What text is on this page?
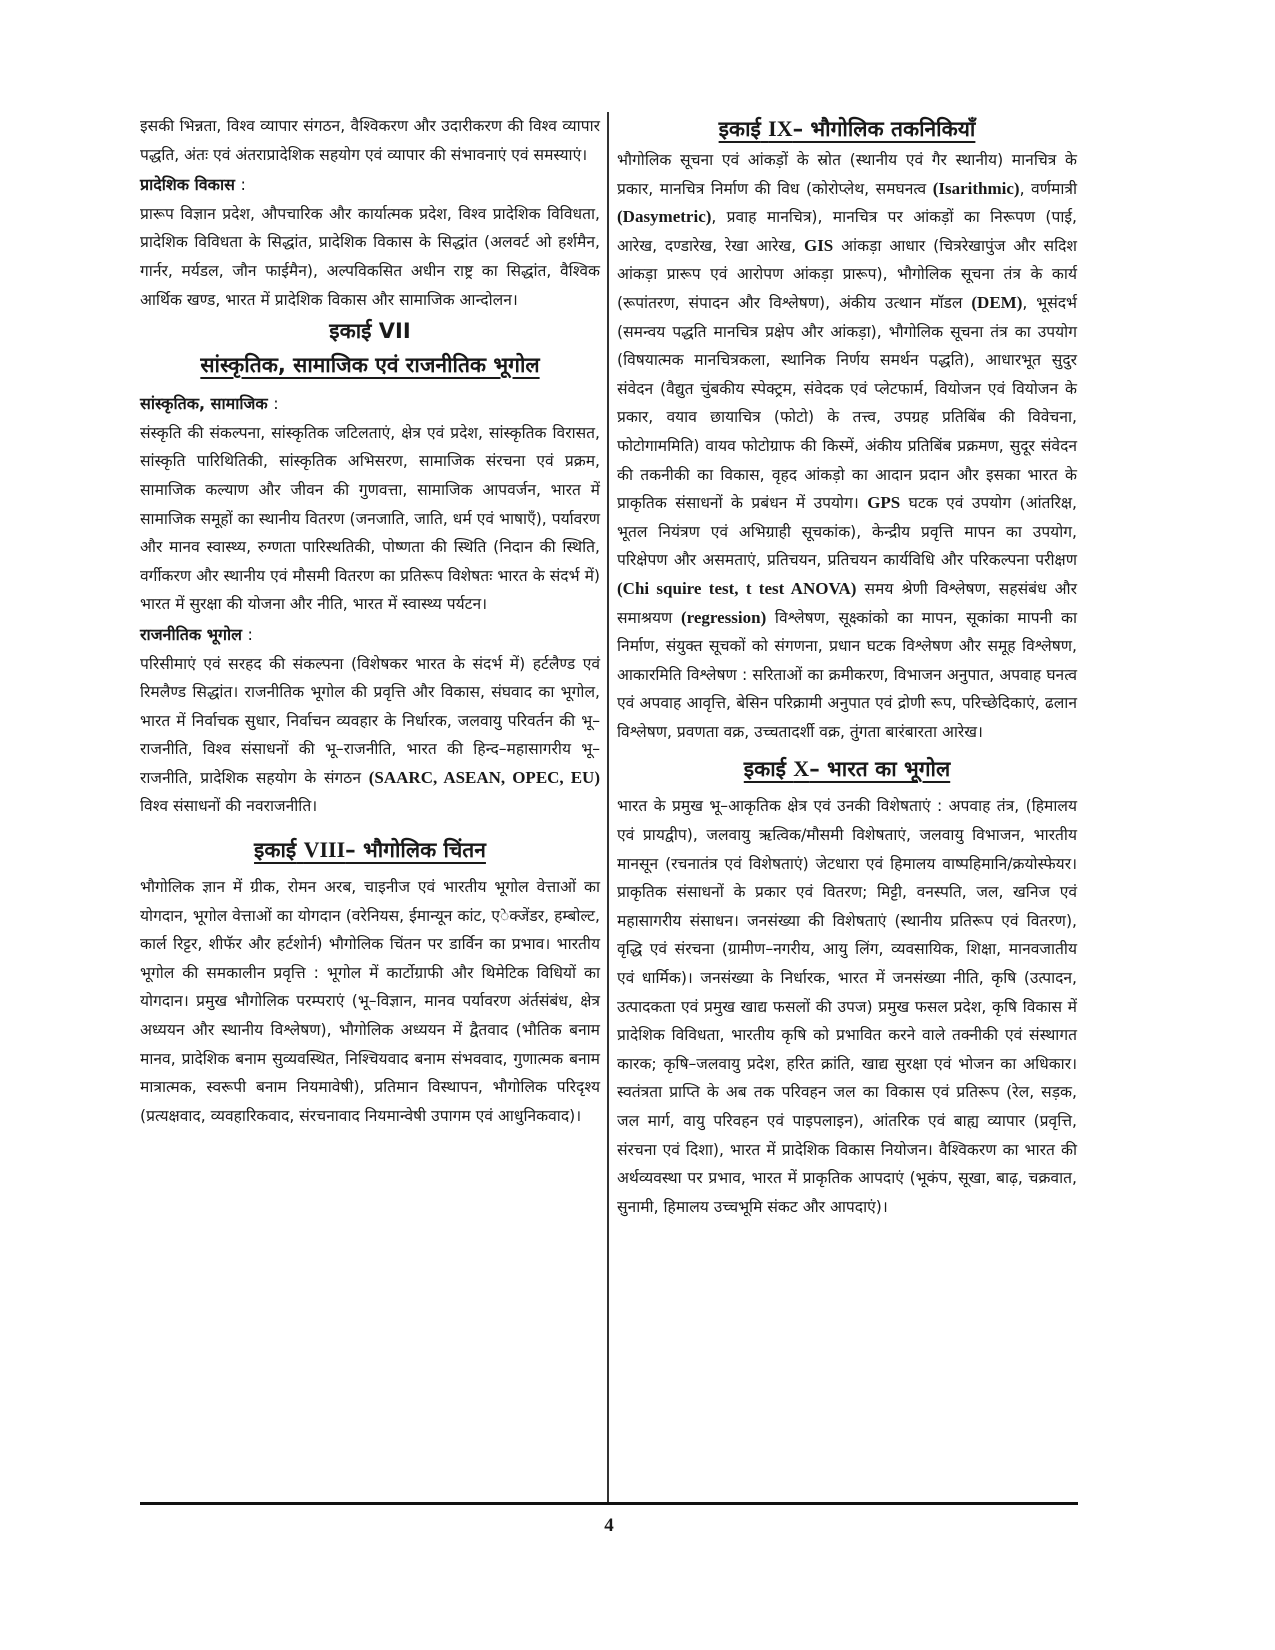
इसकी भिन्नता, विश्व व्यापार संगठन, वैश्विकरण और उदारीकरण की विश्व व्यापार पद्धति, अंतः एवं अंतराप्रादेशिक सहयोग एवं व्यापार की संभावनाएं एवं समस्याएं।

प्रादेशिक विकास :

प्रारूप विज्ञान प्रदेश, औपचारिक और कार्यात्मक प्रदेश, विश्व प्रादेशिक विविधता, प्रादेशिक विविधता के सिद्धांत, प्रादेशिक विकास के सिद्धांत (अलवर्ट ओ हर्शमैन, गार्नर, मर्यडल, जौन फाईमैन), अल्पविकसित अधीन राष्ट्र का सिद्धांत, वैश्विक आर्थिक खण्ड, भारत में प्रादेशिक विकास और सामाजिक आन्दोलन।

इकाई VII
सांस्कृतिक, सामाजिक एवं राजनीतिक भूगोल

सांस्कृतिक, सामाजिक :

संस्कृति की संकल्पना, सांस्कृतिक जटिलताएं, क्षेत्र एवं प्रदेश, सांस्कृतिक विरासत, सांस्कृति पारिथितिकी, सांस्कृतिक अभिसरण, सामाजिक संरचना एवं प्रक्रम, सामाजिक कल्याण और जीवन की गुणवत्ता, सामाजिक आपवर्जन, भारत में सामाजिक समूहों का स्थानीय वितरण (जनजाति, जाति, धर्म एवं भाषाएँ), पर्यावरण और मानव स्वास्थ्य, रुग्णता पारिस्थतिकी, पोष्णता की स्थिति (निदान की स्थिति, वर्गीकरण और स्थानीय एवं मौसमी वितरण का प्रतिरूप विशेषतः भारत के संदर्भ में) भारत में सुरक्षा की योजना और नीति, भारत में स्वास्थ्य पर्यटन।

राजनीतिक भूगोल :

परिसीमाएं एवं सरहद की संकल्पना (विशेषकर भारत के संदर्भ में) हर्टलैण्ड एवं रिमलैण्ड सिद्धांत। राजनीतिक भूगोल की प्रवृत्ति और विकास, संघवाद का भूगोल, भारत में निर्वाचक सुधार, निर्वाचन व्यवहार के निर्धारक, जलवायु परिवर्तन की भू–राजनीति, विश्व संसाधनों की भू–राजनीति, भारत की हिन्द–महासागरीय भू–राजनीति, प्रादेशिक सहयोग के संगठन (SAARC, ASEAN, OPEC, EU) विश्व संसाधनों की नवराजनीति।

इकाई VIII– भौगोलिक चिंतन

भौगोलिक ज्ञान में ग्रीक, रोमन अरब, चाइनीज एवं भारतीय भूगोल वेत्ताओं का योगदान, भूगोल वेत्ताओं का योगदान (वरेनियस, ईमान्यून कांट, एेक्जेंडर, हम्बोल्ट, कार्ल रिट्टर, शीफॅर और हर्टशोर्न) भौगोलिक चिंतन पर डार्विन का प्रभाव। भारतीय भूगोल की समकालीन प्रवृत्ति : भूगोल में कार्टोग्राफी और थिमेटिक विधियों का योगदान। प्रमुख भौगोलिक परम्पराएं (भू–विज्ञान, मानव पर्यावरण अंर्तसंबंध, क्षेत्र अध्ययन और स्थानीय विश्लेषण), भौगोलिक अध्ययन में द्वैतवाद (भौतिक बनाम मानव, प्रादेशिक बनाम सुव्यवस्थित, निश्चियवाद बनाम संभववाद, गुणात्मक बनाम मात्रात्मक, स्वरूपी बनाम नियमावेषी), प्रतिमान विस्थापन, भौगोलिक परिदृश्य (प्रत्यक्षवाद, व्यवहारिकवाद, संरचनावाद नियमान्वेषी उपागम एवं आधुनिकवाद)।

इकाई IX– भौगोलिक तकनिकियाँ

भौगोलिक सूचना एवं आंकड़ों के स्रोत (स्थानीय एवं गैर स्थानीय) मानचित्र के प्रकार, मानचित्र निर्माण की विध (कोरोप्लेथ, समघनत्व (Isarithmic), वर्णमात्री (Dasymetric), प्रवाह मानचित्र), मानचित्र पर आंकड़ों का निरूपण (पाई, आरेख, दण्डारेख, रेखा आरेख, GIS आंकड़ा आधार (चित्ररेखापुंज और सदिश आंकड़ा प्रारूप एवं आरोपण आंकड़ा प्रारूप), भौगोलिक सूचना तंत्र के कार्य (रूपांतरण, संपादन और विश्लेषण), अंकीय उत्थान मॉडल (DEM), भूसंदर्भ (समन्वय पद्धति मानचित्र प्रक्षेप और आंकड़ा), भौगोलिक सूचना तंत्र का उपयोग (विषयात्मक मानचित्रकला, स्थानिक निर्णय समर्थन पद्धति), आधारभूत सुदुर संवेदन (वैद्युत चुंबकीय स्पेक्ट्रम, संवेदक एवं प्लेटफार्म, वियोजन एवं वियोजन के प्रकार, वयाव छायाचित्र (फोटो) के तत्त्व, उपग्रह प्रतिबिंब की विवेचना, फोटोगाममिति) वायव फोटोग्राफ की किस्में, अंकीय प्रतिबिंब प्रक्रमण, सुदूर संवेदन की तकनीकी का विकास, वृहद आंकड़ो का आदान प्रदान और इसका भारत के प्राकृतिक संसाधनों के प्रबंधन में उपयोग। GPS घटक एवं उपयोग (आंतरिक्ष, भूतल नियंत्रण एवं अभिग्राही सूचकांक), केन्द्रीय प्रवृत्ति मापन का उपयोग, परिक्षेपण और असमताएं, प्रतिचयन, प्रतिचयन कार्यविधि और परिकल्पना परीक्षण (Chi squire test, t test ANOVA) समय श्रेणी विश्लेषण, सहसंबंध और समाश्रयण (regression) विश्लेषण, सूक्ष्कांको का मापन, सूकांका मापनी का निर्माण, संयुक्त सूचकों को संगणना, प्रधान घटक विश्लेषण और समूह विश्लेषण, आकारमिति विश्लेषण : सरिताओं का क्रमीकरण, विभाजन अनुपात, अपवाह घनत्व एवं अपवाह आवृत्ति, बेसिन परिक्रामी अनुपात एवं द्रोणी रूप, परिच्छेदिकाएं, ढलान विश्लेषण, प्रवणता वक्र, उच्चतादर्शी वक्र, तुंगता बारंबारता आरेख।

इकाई X– भारत का भूगोल

भारत के प्रमुख भू–आकृतिक क्षेत्र एवं उनकी विशेषताएं : अपवाह तंत्र, (हिमालय एवं प्रायद्वीप), जलवायु ऋत्विक/मौसमी विशेषताएं, जलवायु विभाजन, भारतीय मानसून (रचनातंत्र एवं विशेषताएं) जेटधारा एवं हिमालय वाष्पहिमानि/क्रयोस्फेयर। प्राकृतिक संसाधनों के प्रकार एवं वितरण; मिट्टी, वनस्पति, जल, खनिज एवं महासागरीय संसाधन। जनसंख्या की विशेषताएं (स्थानीय प्रतिरूप एवं वितरण), वृद्धि एवं संरचना (ग्रामीण–नगरीय, आयु लिंग, व्यवसायिक, शिक्षा, मानवजातीय एवं धार्मिक)। जनसंख्या के निर्धारक, भारत में जनसंख्या नीति, कृषि (उत्पादन, उत्पादकता एवं प्रमुख खाद्य फसलों की उपज) प्रमुख फसल प्रदेश, कृषि विकास में प्रादेशिक विविधता, भारतीय कृषि को प्रभावित करने वाले तक्नीकी एवं संस्थागत कारक; कृषि–जलवायु प्रदेश, हरित क्रांति, खाद्य सुरक्षा एवं भोजन का अधिकार। स्वतंत्रता प्राप्ति के अब तक परिवहन जल का विकास एवं प्रतिरूप (रेल, सड़क, जल मार्ग, वायु परिवहन एवं पाइपलाइन), आंतरिक एवं बाह्य व्यापार (प्रवृत्ति, संरचना एवं दिशा), भारत में प्रादेशिक विकास नियोजन। वैश्विकरण का भारत की अर्थव्यवस्था पर प्रभाव, भारत में प्राकृतिक आपदाएं (भूकंप, सूखा, बाढ़, चक्रवात, सुनामी, हिमालय उच्चभूमि संकट और आपदाएं)।

4
